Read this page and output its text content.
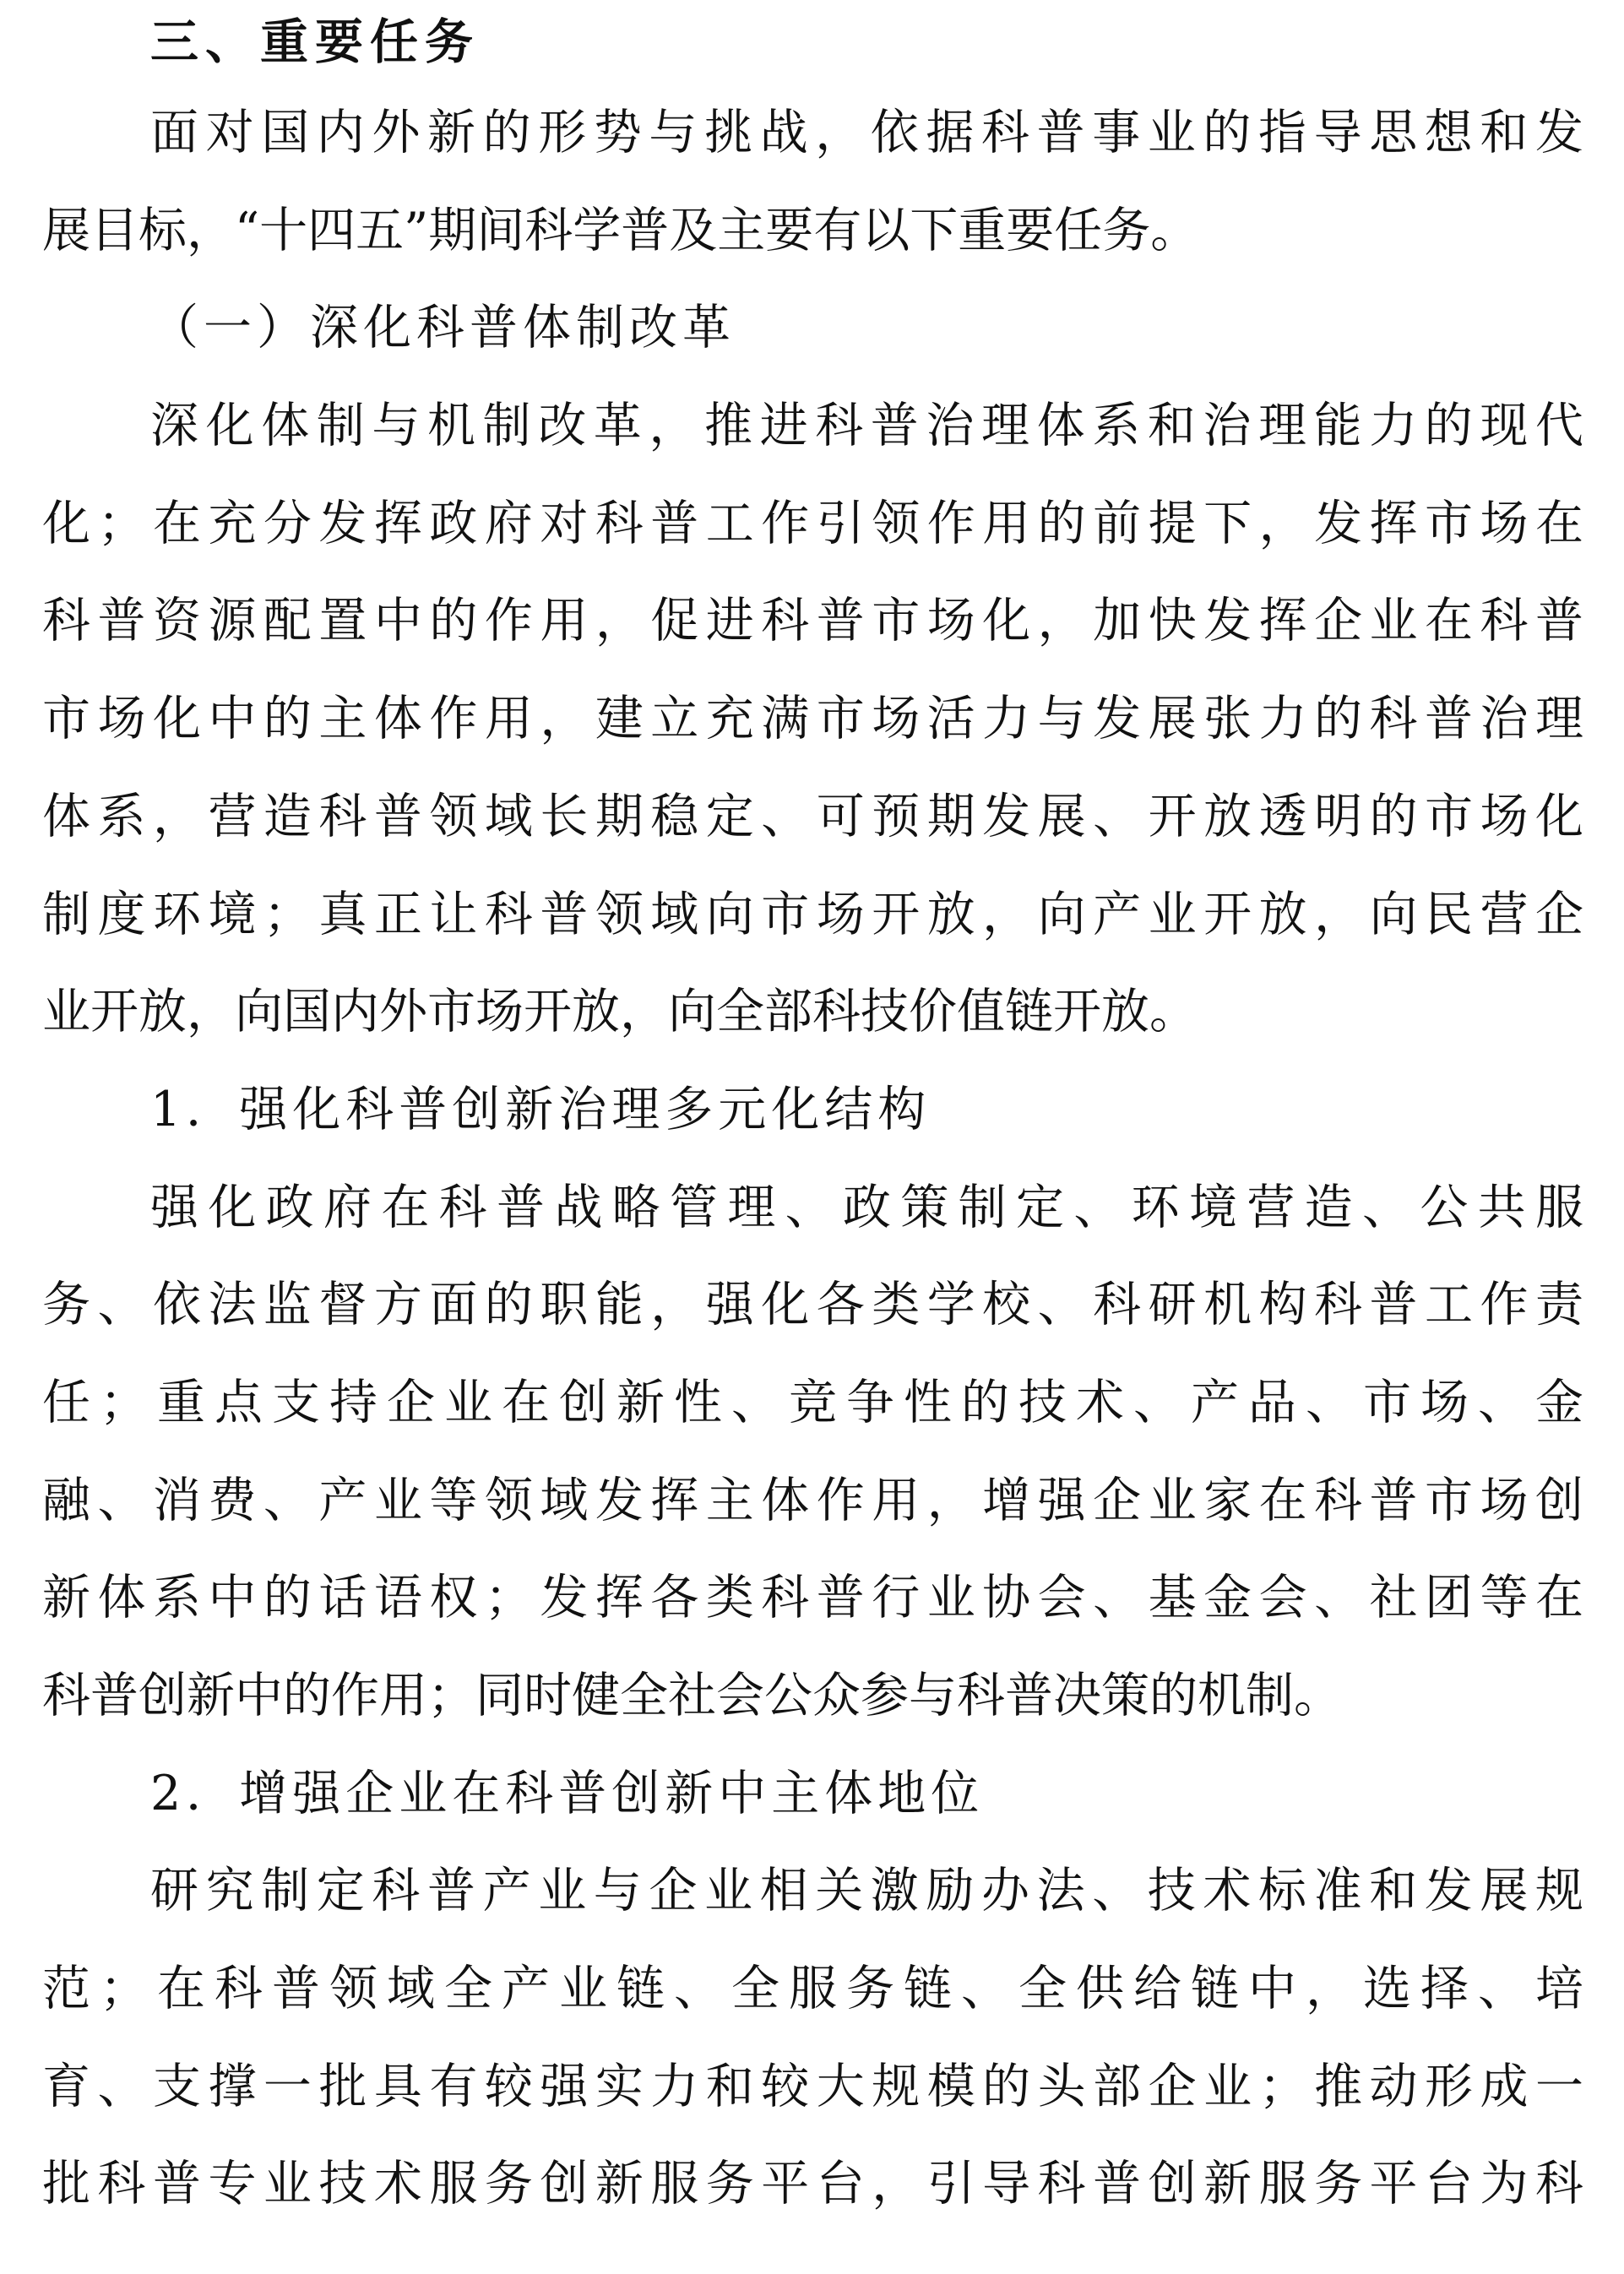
三、重要任务
面对国内外新的形势与挑战，依据科普事业的指导思想和发
展目标，“十四五”期间科学普及主要有以下重要任务。
（一）深化科普体制改革
深化体制与机制改革，推进科普治理体系和治理能力的现代
化；在充分发挥政府对科普工作引领作用的前提下，发挥市场在
科普资源配置中的作用，促进科普市场化，加快发挥企业在科普
市场化中的主体作用，建立充满市场活力与发展张力的科普治理
体系，营造科普领域长期稳定、可预期发展、开放透明的市场化
制度环境；真正让科普领域向市场开放，向产业开放，向民营企
业开放，向国内外市场开放，向全部科技价值链开放。
1．强化科普创新治理多元化结构
强化政府在科普战略管理、政策制定、环境营造、公共服
务、依法监督方面的职能，强化各类学校、科研机构科普工作责
任；重点支持企业在创新性、竞争性的技术、产品、市场、金
融、消费、产业等领域发挥主体作用，增强企业家在科普市场创
新体系中的话语权；发挥各类科普行业协会、基金会、社团等在
科普创新中的作用；同时健全社会公众参与科普决策的机制。
2．增强企业在科普创新中主体地位
研究制定科普产业与企业相关激励办法、技术标准和发展规
范；在科普领域全产业链、全服务链、全供给链中，选择、培
育、支撑一批具有较强实力和较大规模的头部企业；推动形成一
批科普专业技术服务创新服务平台，引导科普创新服务平台为科
